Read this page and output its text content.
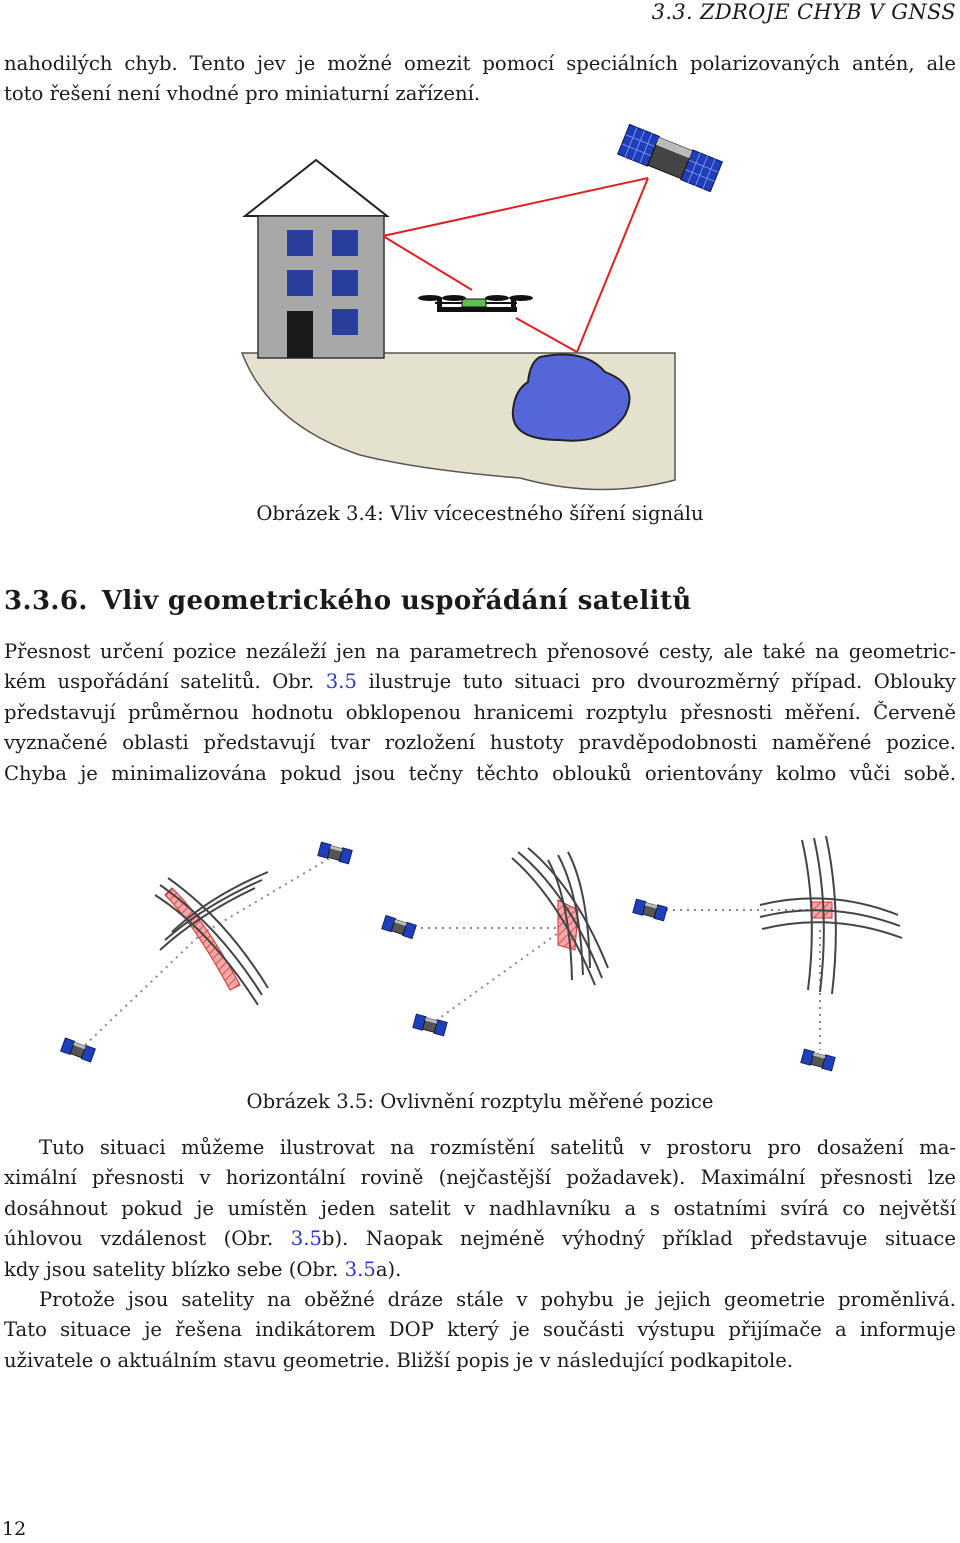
3.3. ZDROJE CHYB V GNSS
nahodilých chyb. Tento jev je možné omezit pomocí speciálních polarizovaných antén, ale
toto řešení není vhodné pro miniaturní zařízení.
Obrázek 3.4: Vliv vícecestného šíření signálu
3.3.6. Vliv geometrického uspořádání satelitů
Přesnost určení pozice nezáleží jen na parametrech přenosové cesty, ale také na geometric-
kém uspořádání satelitů. Obr. 3.5 ilustruje tuto situaci pro dvourozměrný případ. Oblouky
představují průměrnou hodnotu obklopenou hranicemi rozptylu přesnosti měření. Červeně
vyznačené oblasti představují tvar rozložení hustoty pravděpodobnosti naměřené pozice.
Chyba je minimalizována pokud jsou tečny těchto oblouků orientovány kolmo vůči sobě.
Obrázek 3.5: Ovlivnění rozptylu měřené pozice
Tuto situaci můžeme ilustrovat na rozmístění satelitů v prostoru pro dosažení ma-
ximální přesnosti v horizontální rovině (nejčastější požadavek). Maximální přesnosti lze
dosáhnout pokud je umístěn jeden satelit v nadhlavníku a s ostatními svírá co největší
úhlovou vzdálenost (Obr. 3.5b). Naopak nejméně výhodný příklad představuje situace
kdy jsou satelity blízko sebe (Obr. 3.5a).
Protože jsou satelity na oběžné dráze stále v pohybu je jejich geometrie proměnlivá.
Tato situace je řešena indikátorem DOP který je součásti výstupu přijímače a informuje
uživatele o aktuálním stavu geometrie. Bližší popis je v následující podkapitole.
12
